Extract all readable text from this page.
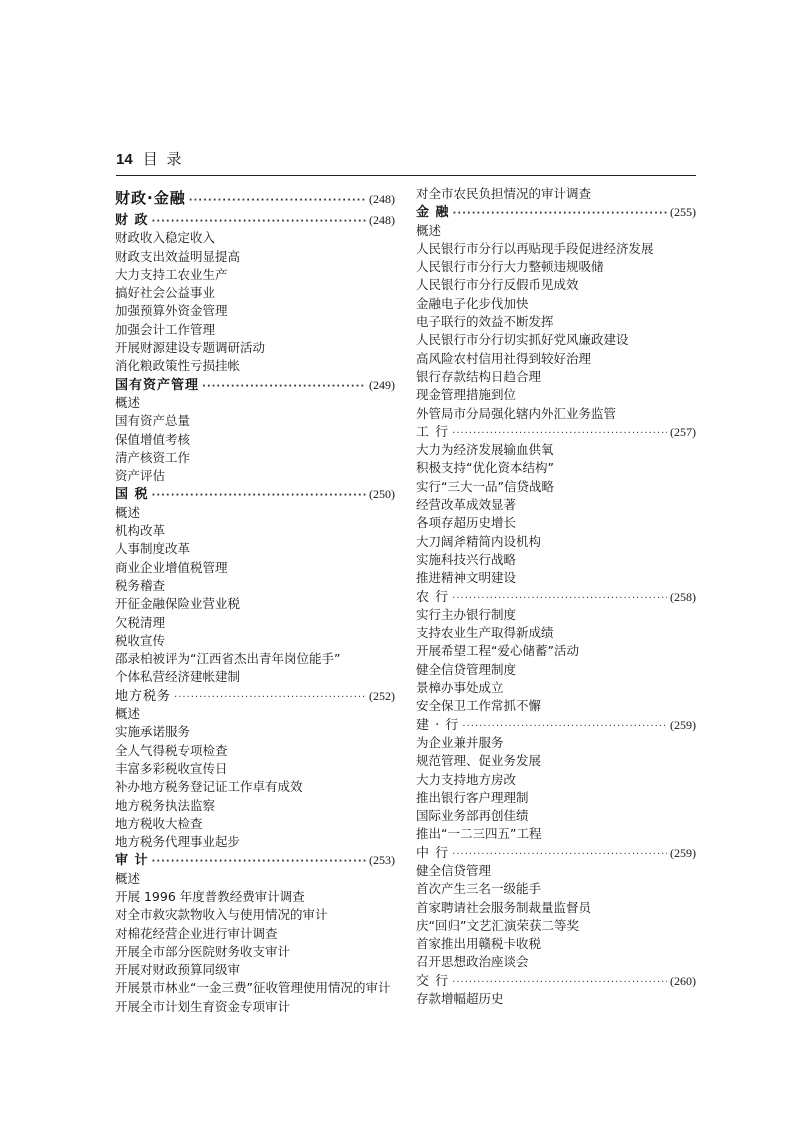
14 目 录
财政·金融 ·····	(248)
财 政 ·····	(248)
财政收入稳定收入
财政支出效益明显提高
大力支持工农业生产
搞好社会公益事业
加强预算外资金管理
加强会计工作管理
开展财源建设专题调研活动
消化粮政策性亏损挂帐
国有资产管理 ·····	(249)
概述
国有资产总量
保值增值考核
清产核资工作
资产评估
国 税 ·····	(250)
概述
机构改革
人事制度改革
商业企业增值税管理
税务稽查
开征金融保险业营业税
欠税清理
税收宣传
邵录柏被评为“江西省杰出青年岗位能手”
个体私营经济建帐建制
地方税务 ·····	(252)
概述
实施承诺服务
全人气得税专项检查
丰富多彩税收宣传日
补办地方税务登记证工作卓有成效
地方税务执法监察
地方税收大检查
地方税务代理事业起步
审 计 ·····	(253)
概述
开展 1996 年度普教经费审计调查
对全市救灾款物收入与使用情况的审计
对棉花经营企业进行审计调查
开展全市部分医院财务收支审计
开展对财政预算同级审
开展景市林业“一金三费”征收管理使用情况的审计
开展全市计划生育资金专项审计
对全市农民负担情况的审计调查
金 融 ·····	(255)
概述
人民银行市分行以再贴现手段促进经济发展
人民银行市分行大力整顿违规吸储
人民银行市分行反假币见成效
金融电子化步伐加快
电子联行的效益不断发挥
人民银行市分行切实抓好党风廉政建设
高风险农村信用社得到较好治理
银行存款结构日趋合理
现金管理措施到位
外管局市分局强化辖内外汇业务监管
工 行 ·····	(257)
大力为经济发展输血供氧
积极支持“优化资本结构”
实行“三大一品”信贷战略
经营改革成效显著
各项存超历史增长
大刀阔斧精简内设机构
实施科技兴行战略
推进精神文明建设
农 行 ·····	(258)
实行主办银行制度
支持农业生产取得新成绩
开展希望工程“爱心储蓄”活动
健全信贷管理制度
景樟办事处成立
安全保卫工作常抓不懈
建 · 行 ·····	(259)
为企业兼并服务
规范管理、促业务发展
大力支持地方房改
推出银行客户理理制
国际业务部再创佳绩
推出“一二三四五”工程
中 行 ·····	(259)
健全信贷管理
首次产生三名一级能手
首家聘请社会服务制裁量监督员
庆“回归”文艺汇演荣获二等奖
首家推出用赣税卡收税
召开思想政治座谈会
交 行 ·····	(260)
存款增幅超历史
